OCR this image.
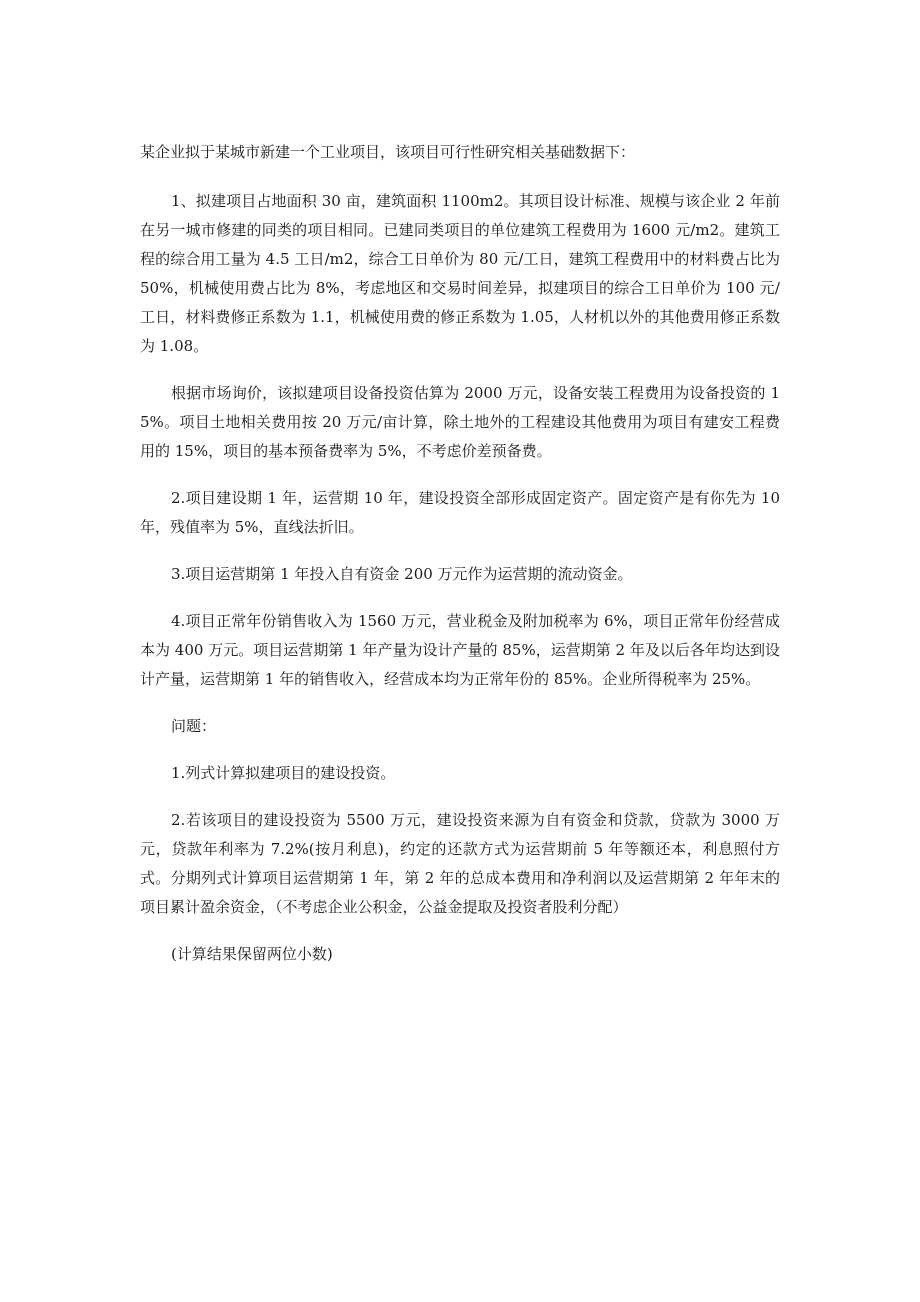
某企业拟于某城市新建一个工业项目，该项目可行性研究相关基础数据下：

1、拟建项目占地面积 30 亩，建筑面积 1100m2。其项目设计标准、规模与该企业 2 年前在另一城市修建的同类的项目相同。已建同类项目的单位建筑工程费用为 1600 元/m2。建筑工程的综合用工量为 4.5 工日/m2，综合工日单价为 80 元/工日，建筑工程费用中的材料费占比为 50%，机械使用费占比为 8%，考虑地区和交易时间差异，拟建项目的综合工日单价为 100 元/工日，材料费修正系数为 1.1，机械使用费的修正系数为 1.05，人材机以外的其他费用修正系数为 1.08。

根据市场询价，该拟建项目设备投资估算为 2000 万元，设备安装工程费用为设备投资的 15%。项目土地相关费用按 20 万元/亩计算，除土地外的工程建设其他费用为项目有建安工程费用的 15%，项目的基本预备费率为 5%，不考虑价差预备费。

2.项目建设期 1 年，运营期 10 年，建设投资全部形成固定资产。固定资产是有你先为 10 年，残值率为 5%，直线法折旧。

3.项目运营期第 1 年投入自有资金 200 万元作为运营期的流动资金。

4.项目正常年份销售收入为 1560 万元，营业税金及附加税率为 6%，项目正常年份经营成本为 400 万元。项目运营期第 1 年产量为设计产量的 85%，运营期第 2 年及以后各年均达到设计产量，运营期第 1 年的销售收入，经营成本均为正常年份的 85%。企业所得税率为 25%。

问题：

1.列式计算拟建项目的建设投资。

2.若该项目的建设投资为 5500 万元，建设投资来源为自有资金和贷款，贷款为 3000 万元，贷款年利率为 7.2%(按月利息)，约定的还款方式为运营期前 5 年等额还本，利息照付方式。分期列式计算项目运营期第 1 年，第 2 年的总成本费用和净利润以及运营期第 2 年年末的项目累计盈余资金，（不考虑企业公积金，公益金提取及投资者股利分配）

(计算结果保留两位小数)
